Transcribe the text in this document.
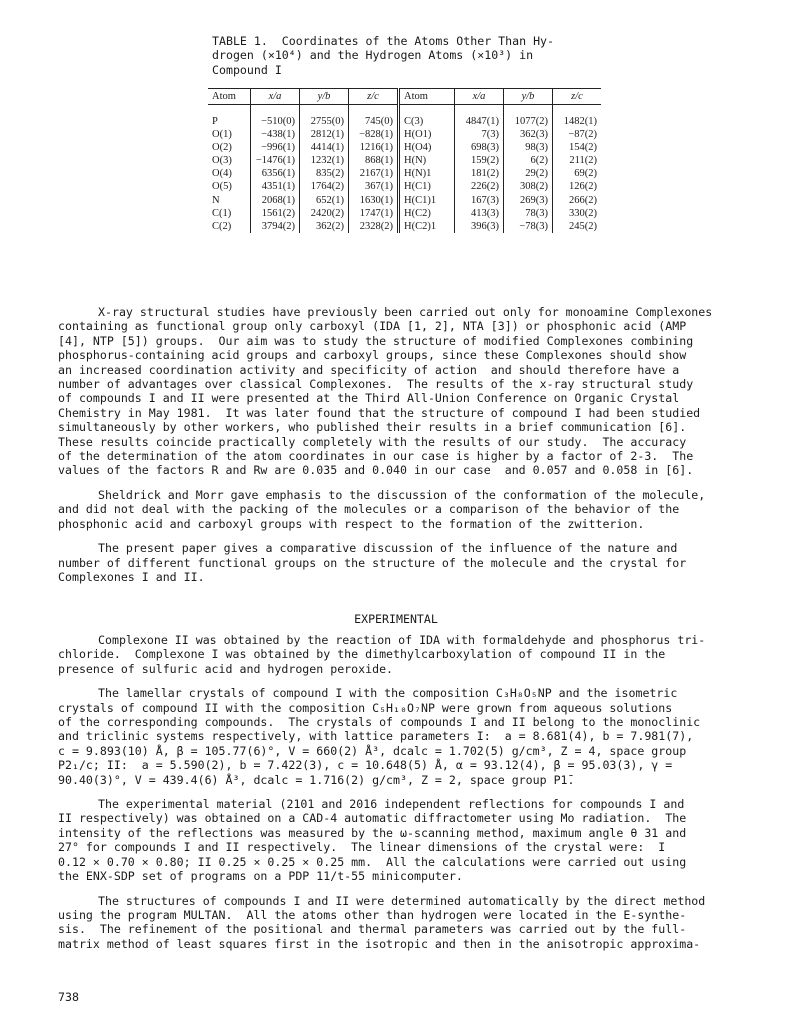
TABLE 1.  Coordinates of the Atoms Other Than Hy-
drogen (×10⁴) and the Hydrogen Atoms (×10³) in
Compound I
Atom	x/a	y/b	z/c	Atom	x/a	y/b	z/c
P	−510(0)	2755(0)	745(0)	C(3)	4847(1)	1077(2)	1482(1)
O(1)	−438(1)	2812(1)	−828(1)	H(O1)	7(3)	362(3)	−87(2)
O(2)	−996(1)	4414(1)	1216(1)	H(O4)	698(3)	98(3)	154(2)
O(3)	−1476(1)	1232(1)	868(1)	H(N)	159(2)	6(2)	211(2)
O(4)	6356(1)	835(2)	2167(1)	H(N)1	181(2)	29(2)	69(2)
O(5)	4351(1)	1764(2)	367(1)	H(C1)	226(2)	308(2)	126(2)
N	2068(1)	652(1)	1630(1)	H(C1)1	167(3)	269(3)	266(2)
C(1)	1561(2)	2420(2)	1747(1)	H(C2)	413(3)	78(3)	330(2)
C(2)	3794(2)	362(2)	2328(2)	H(C2)1	396(3)	−78(3)	245(2)

X-ray structural studies have previously been carried out only for monoamine Complexones
containing as functional group only carboxyl (IDA [1, 2], NTA [3]) or phosphonic acid (AMP
[4], NTP [5]) groups.  Our aim was to study the structure of modified Complexones combining
phosphorus-containing acid groups and carboxyl groups, since these Complexones should show
an increased coordination activity and specificity of action  and should therefore have a
number of advantages over classical Complexones.  The results of the x-ray structural study
of compounds I and II were presented at the Third All-Union Conference on Organic Crystal
Chemistry in May 1981.  It was later found that the structure of compound I had been studied
simultaneously by other workers, who published their results in a brief communication [6].
These results coincide practically completely with the results of our study.  The accuracy
of the determination of the atom coordinates in our case is higher by a factor of 2-3.  The
values of the factors R and Rw are 0.035 and 0.040 in our case  and 0.057 and 0.058 in [6].

Sheldrick and Morr gave emphasis to the discussion of the conformation of the molecule,
and did not deal with the packing of the molecules or a comparison of the behavior of the
phosphonic acid and carboxyl groups with respect to the formation of the zwitterion.

The present paper gives a comparative discussion of the influence of the nature and
number of different functional groups on the structure of the molecule and the crystal for
Complexones I and II.

EXPERIMENTAL

Complexone II was obtained by the reaction of IDA with formaldehyde and phosphorus tri-
chloride.  Complexone I was obtained by the dimethylcarboxylation of compound II in the
presence of sulfuric acid and hydrogen peroxide.

The lamellar crystals of compound I with the composition C₃H₈O₅NP and the isometric
crystals of compound II with the composition C₅H₁₀O₇NP were grown from aqueous solutions
of the corresponding compounds.  The crystals of compounds I and II belong to the monoclinic
and triclinic systems respectively, with lattice parameters I:  a = 8.681(4), b = 7.981(7),
c = 9.893(10) Å, β = 105.77(6)°, V = 660(2) Å³, dcalc = 1.702(5) g/cm³, Z = 4, space group
P2₁/c; II:  a = 5.590(2), b = 7.422(3), c = 10.648(5) Å, α = 93.12(4), β = 95.03(3), γ =
90.40(3)°, V = 439.4(6) Å³, dcalc = 1.716(2) g/cm³, Z = 2, space group P1̄.

The experimental material (2101 and 2016 independent reflections for compounds I and
II respectively) was obtained on a CAD-4 automatic diffractometer using Mo radiation.  The
intensity of the reflections was measured by the ω-scanning method, maximum angle θ 31 and
27° for compounds I and II respectively.  The linear dimensions of the crystal were:  I
0.12 × 0.70 × 0.80; II 0.25 × 0.25 × 0.25 mm.  All the calculations were carried out using
the ENX-SDP set of programs on a PDP 11/t-55 minicomputer.

The structures of compounds I and II were determined automatically by the direct method
using the program MULTAN.  All the atoms other than hydrogen were located in the E-synthe-
sis.  The refinement of the positional and thermal parameters was carried out by the full-
matrix method of least squares first in the isotropic and then in the anisotropic approxima-

738
